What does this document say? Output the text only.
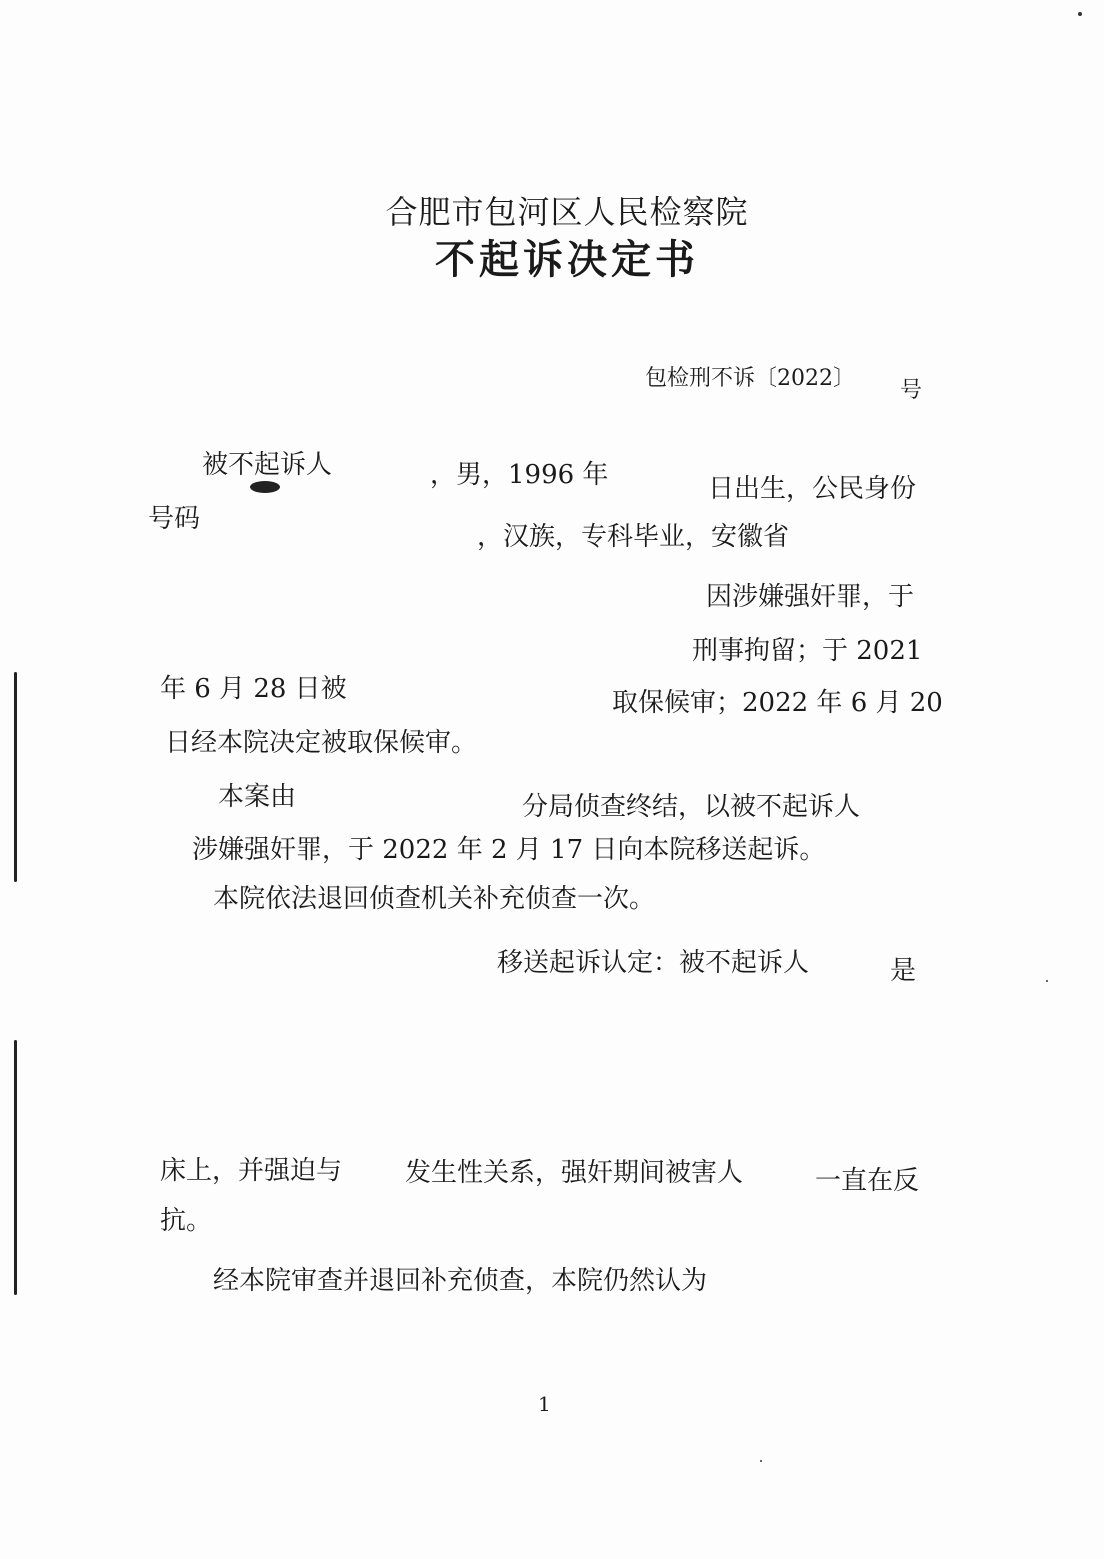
合肥市包河区人民检察院
不起诉决定书
包检刑不诉〔2022〕 号
被不起诉人	，男，1996 年	日出生，公民身份
号码
，汉族，专科毕业，安徽省
因涉嫌强奸罪，于
刑事拘留；于 2021
年 6 月 28 日被	取保候审；2022 年 6 月 20
日经本院决定被取保候审。
本案由	分局侦查终结，以被不起诉人
涉嫌强奸罪，于 2022 年 2 月 17 日向本院移送起诉。
本院依法退回侦查机关补充侦查一次。
移送起诉认定：被不起诉人	是
床上，并强迫与 发生性关系，强奸期间被害人	一直在反
抗。
经本院审查并退回补充侦查，本院仍然认为
1
